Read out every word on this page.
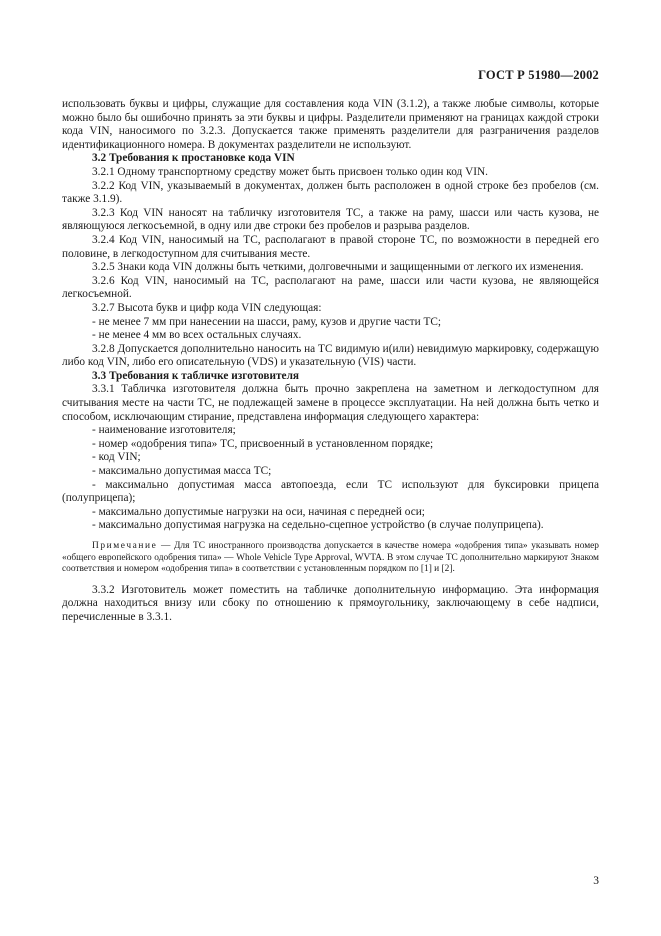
ГОСТ Р 51980—2002

использовать буквы и цифры, служащие для составления кода VIN (3.1.2), а также любые символы, которые можно было бы ошибочно принять за эти буквы и цифры. Разделители применяют на границах каждой строки кода VIN, наносимого по 3.2.3. Допускается также применять разделители для разграничения разделов идентификационного номера. В документах разделители не используют.

3.2 Требования к простановке кода VIN

3.2.1 Одному транспортному средству может быть присвоен только один код VIN.

3.2.2 Код VIN, указываемый в документах, должен быть расположен в одной строке без пробелов (см. также 3.1.9).

3.2.3 Код VIN наносят на табличку изготовителя ТС, а также на раму, шасси или часть кузова, не являющуюся легкосъемной, в одну или две строки без пробелов и разрыва разделов.

3.2.4 Код VIN, наносимый на ТС, располагают в правой стороне ТС, по возможности в передней его половине, в легкодоступном для считывания месте.

3.2.5 Знаки кода VIN должны быть четкими, долговечными и защищенными от легкого их изменения.

3.2.6 Код VIN, наносимый на ТС, располагают на раме, шасси или части кузова, не являющейся легкосъемной.

3.2.7 Высота букв и цифр кода VIN следующая:

- не менее 7 мм при нанесении на шасси, раму, кузов и другие части ТС;

- не менее 4 мм во всех остальных случаях.

3.2.8 Допускается дополнительно наносить на ТС видимую и(или) невидимую маркировку, содержащую либо код VIN, либо его описательную (VDS) и указательную (VIS) части.

3.3 Требования к табличке изготовителя

3.3.1 Табличка изготовителя должна быть прочно закреплена на заметном и легкодоступном для считывания месте на части ТС, не подлежащей замене в процессе эксплуатации. На ней должна быть четко и способом, исключающим стирание, представлена информация следующего характера:

- наименование изготовителя;

- номер «одобрения типа» ТС, присвоенный в установленном порядке;

- код VIN;

- максимально допустимая масса ТС;

- максимально допустимая масса автопоезда, если ТС используют для буксировки прицепа (полуприцепа);

- максимально допустимые нагрузки на оси, начиная с передней оси;

- максимально допустимая нагрузка на седельно-сцепное устройство (в случае полуприцепа).

Примечание — Для ТС иностранного производства допускается в качестве номера «одобрения типа» указывать номер «общего европейского одобрения типа» — Whole Vehicle Type Approval, WVTA. В этом случае ТС дополнительно маркируют Знаком соответствия и номером «одобрения типа» в соответствии с установленным порядком по [1] и [2].

3.3.2 Изготовитель может поместить на табличке дополнительную информацию. Эта информация должна находиться внизу или сбоку по отношению к прямоугольнику, заключающему в себе надписи, перечисленные в 3.3.1.

3
